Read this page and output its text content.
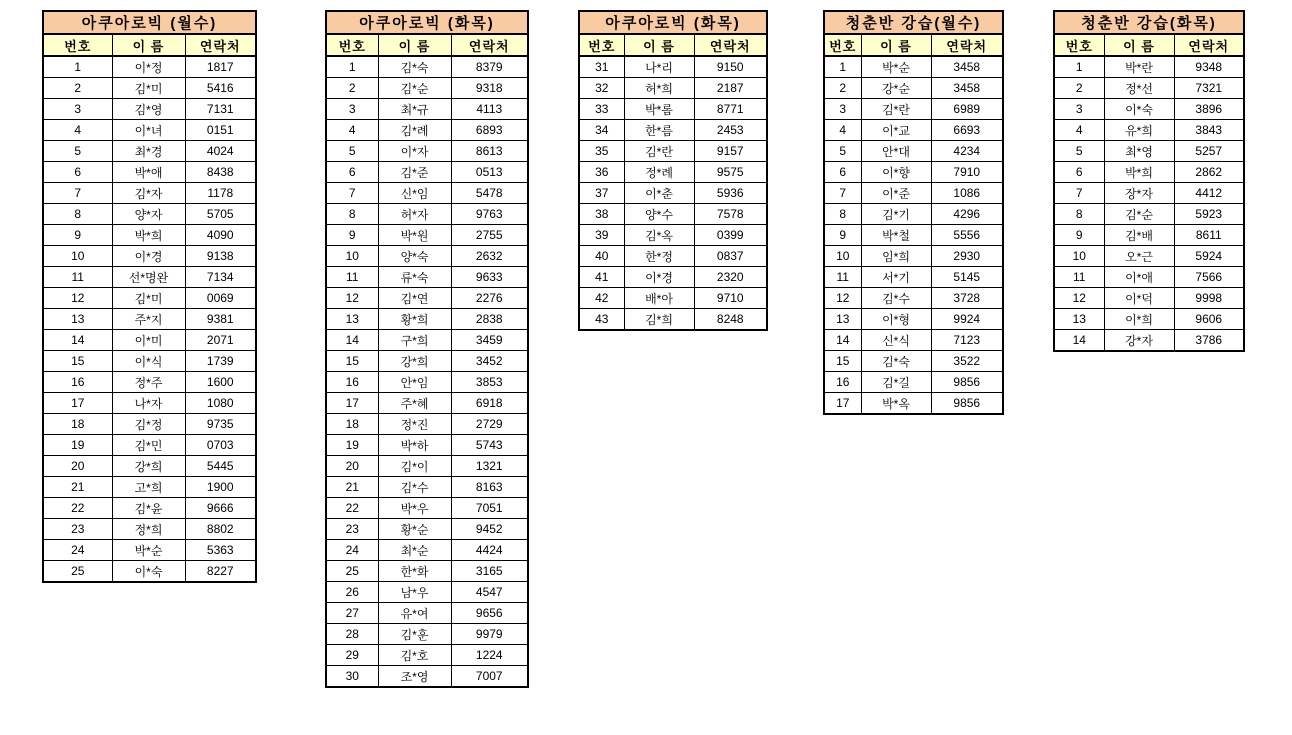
아쿠아로빅 (월수)		
번호	이 름	연락처
1	이*정	1817
2	김*미	5416
3	김*영	7131
4	이*녀	0151
5	최*경	4024
6	박*애	8438
7	김*자	1178
8	양*자	5705
9	박*희	4090
10	이*경	9138
11	선*명완	7134
12	김*미	0069
13	주*지	9381
14	이*미	2071
15	이*식	1739
16	정*주	1600
17	나*자	1080
18	김*정	9735
19	김*민	0703
20	강*희	5445
21	고*희	1900
22	김*윤	9666
23	정*희	8802
24	박*순	5363
25	이*숙	8227
아쿠아로빅 (화목)		
번호	이 름	연락처
1	김*숙	8379
2	김*순	9318
3	최*규	4113
4	김*례	6893
5	이*자	8613
6	김*준	0513
7	신*임	5478
8	허*자	9763
9	박*원	2755
10	양*숙	2632
11	류*숙	9633
12	김*연	2276
13	황*희	2838
14	구*희	3459
15	강*희	3452
16	안*임	3853
17	주*혜	6918
18	정*진	2729
19	박*하	5743
20	김*이	1321
21	김*수	8163
22	박*우	7051
23	황*순	9452
24	최*순	4424
25	한*화	3165
26	남*우	4547
27	유*여	9656
28	김*훈	9979
29	김*호	1224
30	조*영	7007
아쿠아로빅 (화목)		
번호	이 름	연락처
31	나*리	9150
32	허*희	2187
33	박*롬	8771
34	한*름	2453
35	김*란	9157
36	정*례	9575
37	이*춘	5936
38	양*수	7578
39	김*옥	0399
40	한*정	0837
41	이*경	2320
42	배*아	9710
43	김*희	8248
청춘반 강습(월수)		
번호	이 름	연락처
1	박*순	3458
2	강*순	3458
3	김*란	6989
4	이*교	6693
5	안*대	4234
6	이*향	7910
7	이*준	1086
8	김*기	4296
9	박*철	5556
10	임*희	2930
11	서*기	5145
12	김*수	3728
13	이*형	9924
14	신*식	7123
15	김*숙	3522
16	김*길	9856
17	박*옥	9856
청춘반 강습(화목)		
번호	이 름	연락처
1	박*란	9348
2	정*선	7321
3	이*숙	3896
4	유*희	3843
5	최*영	5257
6	박*희	2862
7	장*자	4412
8	김*순	5923
9	김*배	8611
10	오*근	5924
11	이*애	7566
12	이*덕	9998
13	이*희	9606
14	강*자	3786
